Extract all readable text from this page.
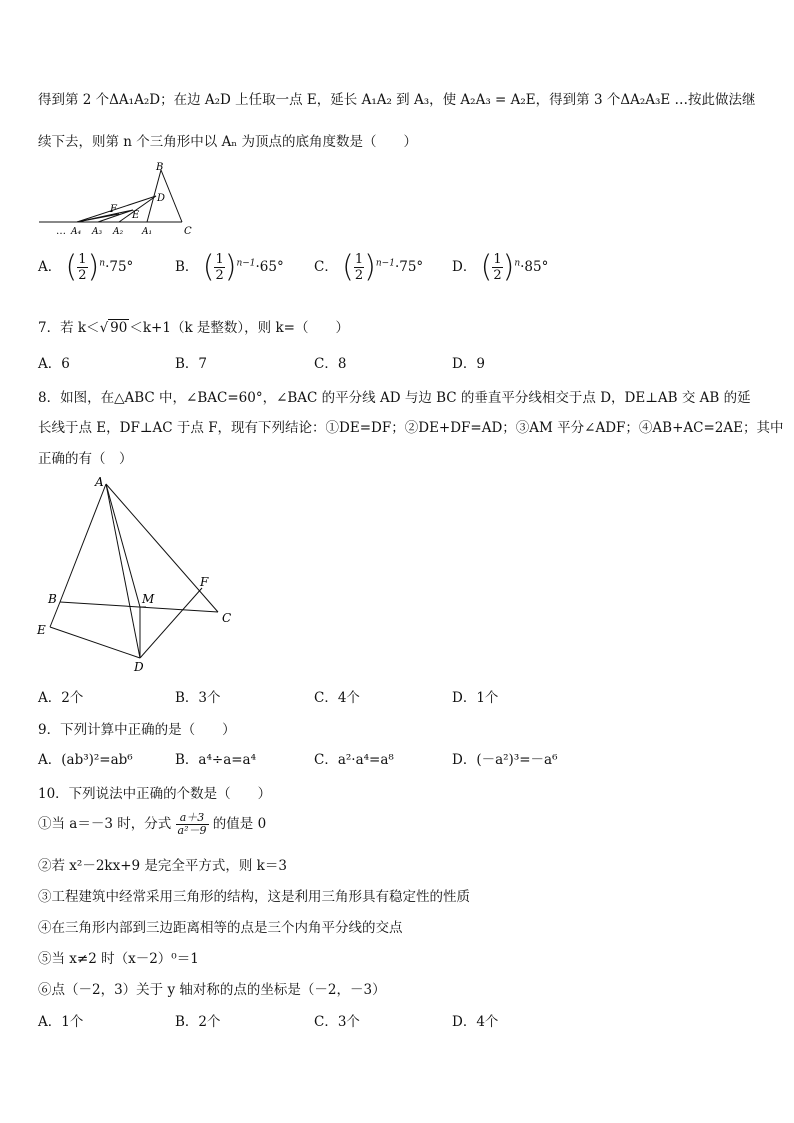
得到第 2 个ΔA₁A₂D；在边 A₂D 上任取一点 E，延长 A₁A₂ 到 A₃，使 A₂A₃ = A₂E，得到第 3 个ΔA₂A₃E …按此做法继
续下去，则第 n 个三角形中以 Aₙ 为顶点的底角度数是（　　）
B
D
F
E
… A₄ A₃ A₂ A₁	C
A． ( $\frac{1}{2} )^n\cdot 75^\circ$	B． ( $\frac{1}{2} )^{n-1}\cdot 65^\circ$ C． ( $\frac{1}{2} )^{n-1}\cdot 75^\circ$ D． ( $\frac{1}{2} )^n\cdot 85^\circ$
7．若 k＜√ 90 ＜k+1（k 是整数），则 k=（　　）
A．6	B．7	C．8	D．9
8．如图，在△ABC 中，∠BAC=60°，∠BAC 的平分线 AD 与边 BC 的垂直平分线相交于点 D，DE⊥AB 交 AB 的延
长线于点 E，DF⊥AC 于点 F，现有下列结论：①DE=DF；②DE+DF=AD；③AM 平分∠ADF；④AB+AC=2AE；其中
正确的有（　）
A
F
B	M
C
E
D
A．2个	B．3个	C．4个	D．1个
9．下列计算中正确的是（　　）
A．(ab³)²=ab⁶	B．a⁴÷a=a⁴	C．a²·a⁴=a⁸	D．(－a²)³=－a⁶
10．下列说法中正确的个数是（　　）
①当 a＝－3 时，分式 $\frac{a+3}{\text{a²－9}}$ 的值是 0
②若 x²－2kx+9 是完全平方式，则 k＝3
③工程建筑中经常采用三角形的结构，这是利用三角形具有稳定性的性质
④在三角形内部到三边距离相等的点是三个内角平分线的交点
⑤当 x≠2 时（x－2）⁰＝1
⑥点（－2，3）关于 y 轴对称的点的坐标是（－2，－3）
A．1个	B．2个	C．3个	D．4个
